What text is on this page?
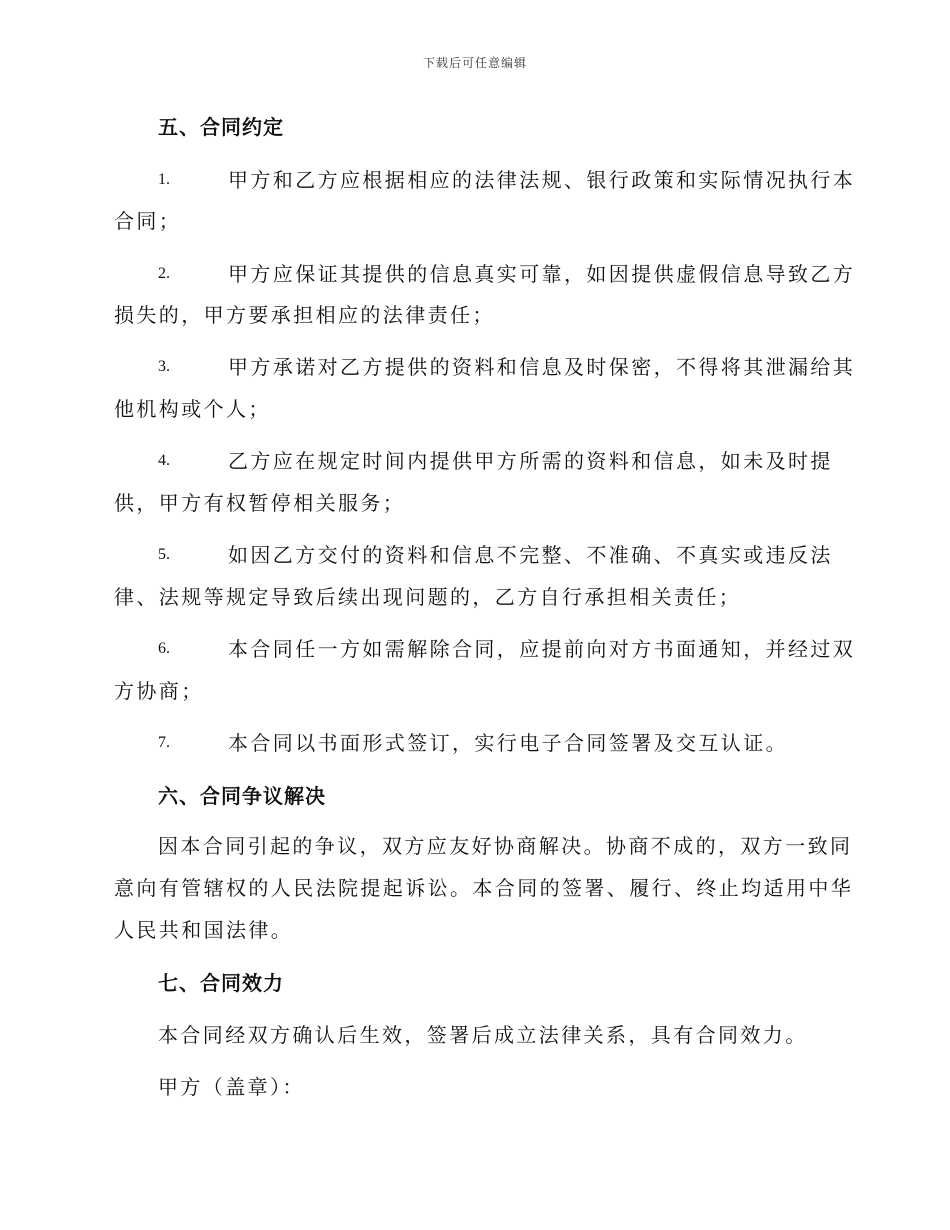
下载后可任意编辑
五、合同约定
1.	甲方和乙方应根据相应的法律法规、银行政策和实际情况执行本
合同；
2.	甲方应保证其提供的信息真实可靠，如因提供虚假信息导致乙方
损失的，甲方要承担相应的法律责任；
3.	甲方承诺对乙方提供的资料和信息及时保密，不得将其泄漏给其
他机构或个人；
4.	乙方应在规定时间内提供甲方所需的资料和信息，如未及时提
供，甲方有权暂停相关服务；
5.	如因乙方交付的资料和信息不完整、不准确、不真实或违反法
律、法规等规定导致后续出现问题的，乙方自行承担相关责任；
6.	本合同任一方如需解除合同，应提前向对方书面通知，并经过双
方协商；
7.	本合同以书面形式签订，实行电子合同签署及交互认证。
六、合同争议解决
因本合同引起的争议，双方应友好协商解决。协商不成的，双方一致同
意向有管辖权的人民法院提起诉讼。本合同的签署、履行、终止均适用中华
人民共和国法律。
七、合同效力
本合同经双方确认后生效，签署后成立法律关系，具有合同效力。
甲方（盖章）：
